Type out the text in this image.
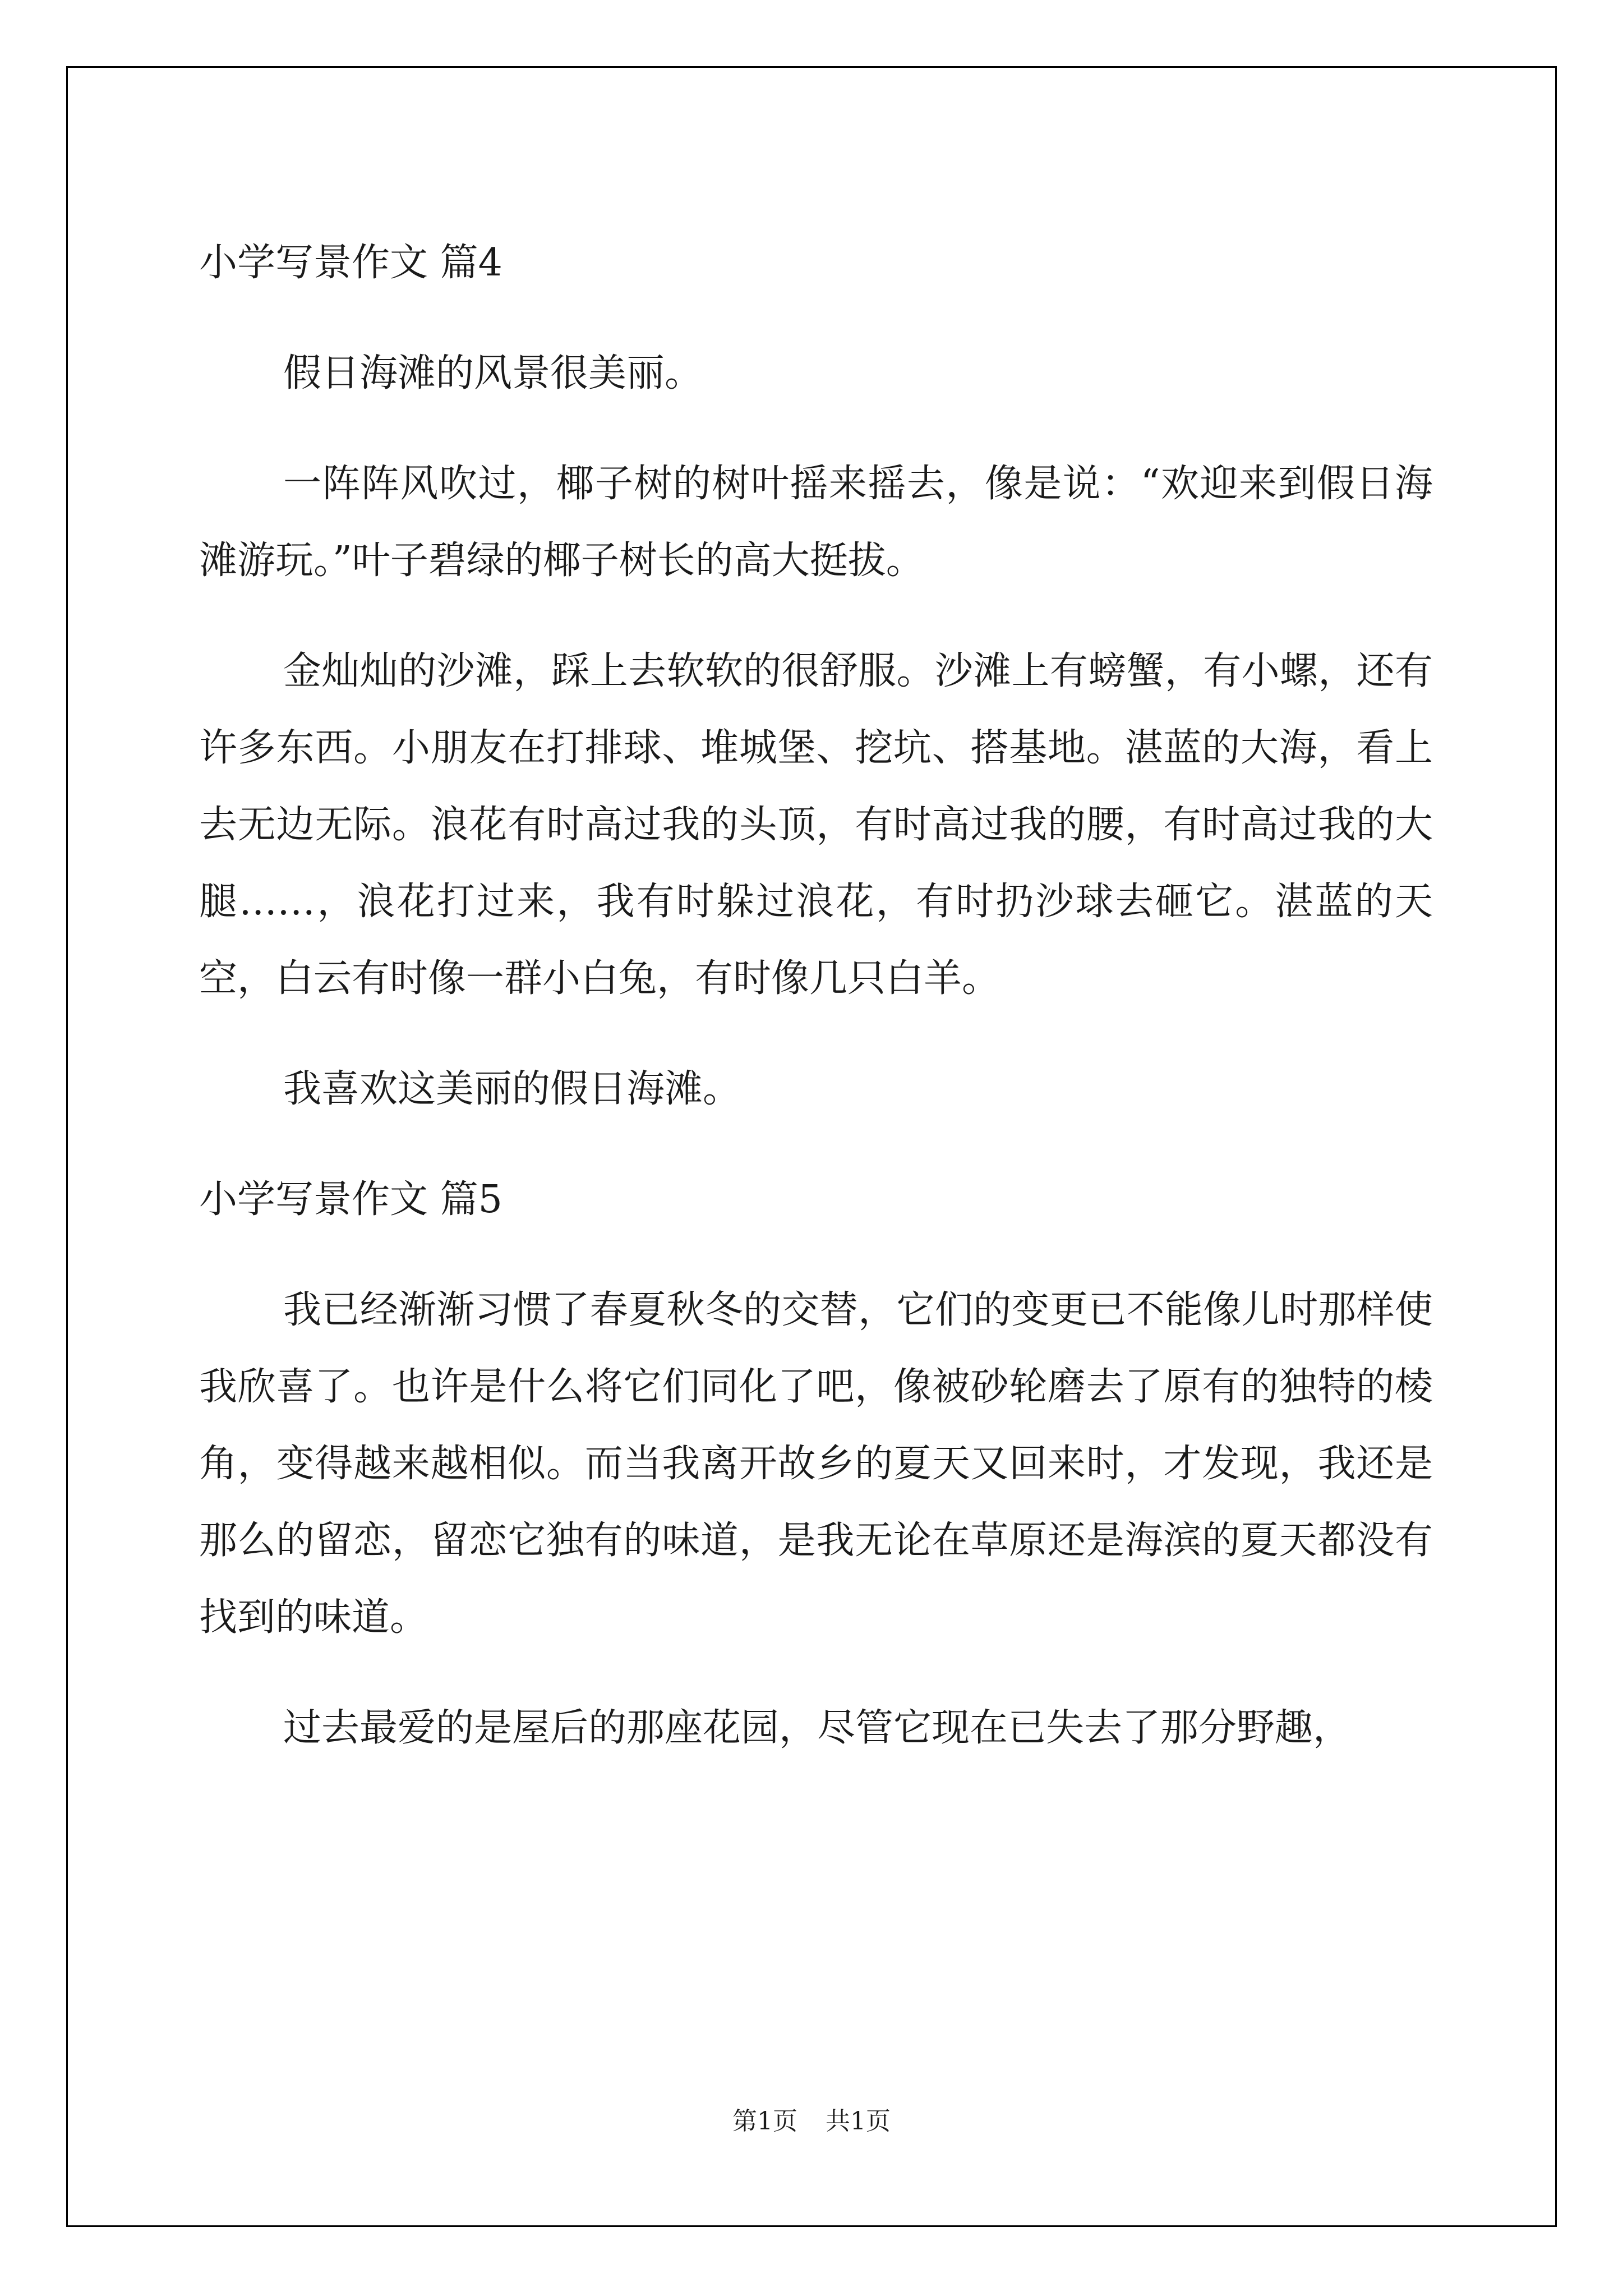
小学写景作文 篇4

假日海滩的风景很美丽。

一阵阵风吹过，椰子树的树叶摇来摇去，像是说：“欢迎来到假日海滩游玩。”叶子碧绿的椰子树长的高大挺拔。

金灿灿的沙滩，踩上去软软的很舒服。沙滩上有螃蟹，有小螺，还有许多东西。小朋友在打排球、堆城堡、挖坑、搭基地。湛蓝的大海，看上去无边无际。浪花有时高过我的头顶，有时高过我的腰，有时高过我的大腿……，浪花打过来，我有时躲过浪花，有时扔沙球去砸它。湛蓝的天空，白云有时像一群小白兔，有时像几只白羊。

我喜欢这美丽的假日海滩。

小学写景作文 篇5

我已经渐渐习惯了春夏秋冬的交替，它们的变更已不能像儿时那样使我欣喜了。也许是什么将它们同化了吧，像被砂轮磨去了原有的独特的棱角，变得越来越相似。而当我离开故乡的夏天又回来时，才发现，我还是那么的留恋，留恋它独有的味道，是我无论在草原还是海滨的夏天都没有找到的味道。

过去最爱的是屋后的那座花园，尽管它现在已失去了那分野趣，

第1页 共1页
